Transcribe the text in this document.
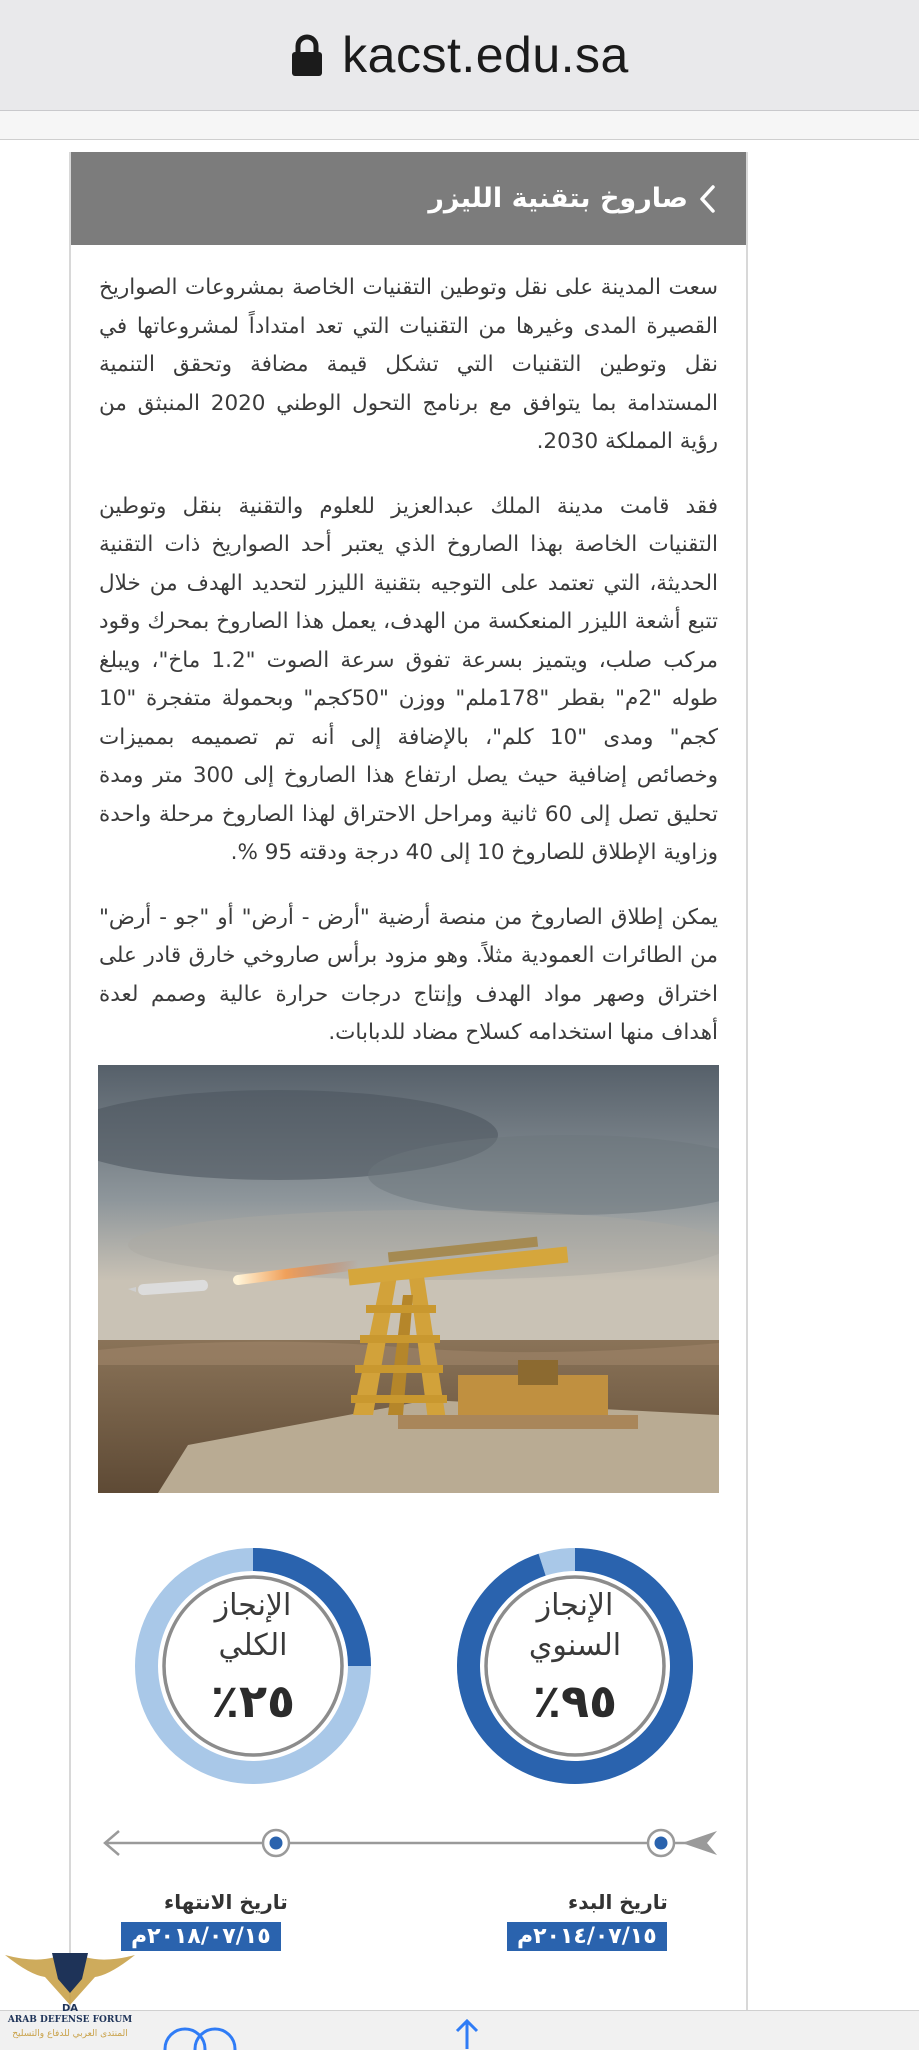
kacst.edu.sa
صاروخ بتقنية الليزر

سعت المدينة على نقل وتوطين التقنيات الخاصة بمشروعات الصواريخ القصيرة المدى وغيرها من التقنيات التي تعد امتداداً لمشروعاتها في نقل وتوطين التقنيات التي تشكل قيمة مضافة وتحقق التنمية المستدامة بما يتوافق مع برنامج التحول الوطني 2020 المنبثق من رؤية المملكة 2030.

فقد قامت مدينة الملك عبدالعزيز للعلوم والتقنية بنقل وتوطين التقنيات الخاصة بهذا الصاروخ الذي يعتبر أحد الصواريخ ذات التقنية الحديثة، التي تعتمد على التوجيه بتقنية الليزر لتحديد الهدف من خلال تتبع أشعة الليزر المنعكسة من الهدف، يعمل هذا الصاروخ بمحرك وقود مركب صلب، ويتميز بسرعة تفوق سرعة الصوت "1.2 ماخ"، ويبلغ طوله "2م" بقطر "178ملم" ووزن "50كجم" وبحمولة متفجرة "10 كجم" ومدى "10 كلم"، بالإضافة إلى أنه تم تصميمه بمميزات وخصائص إضافية حيث يصل ارتفاع هذا الصاروخ إلى 300 متر ومدة تحليق تصل إلى 60 ثانية ومراحل الاحتراق لهذا الصاروخ مرحلة واحدة وزاوية الإطلاق للصاروخ 10 إلى 40 درجة ودقته 95 %.

يمكن إطلاق الصاروخ من منصة أرضية "أرض - أرض" أو "جو - أرض" من الطائرات العمودية مثلاً. وهو مزود برأس صاروخي خارق قادر على اختراق وصهر مواد الهدف وإنتاج درجات حرارة عالية وصمم لعدة أهداف منها استخدامه كسلاح مضاد للدبابات.

الإنجاز
السنوي
٩٥٪
الإنجاز
الكلي
٢٥٪
تاريخ البدء
٢٠١٤/٠٧/١٥م
تاريخ الانتهاء
٢٠١٨/٠٧/١٥م
DA
ARAB DEFENSE FORUM
المنتدى العربي للدفاع والتسليح
